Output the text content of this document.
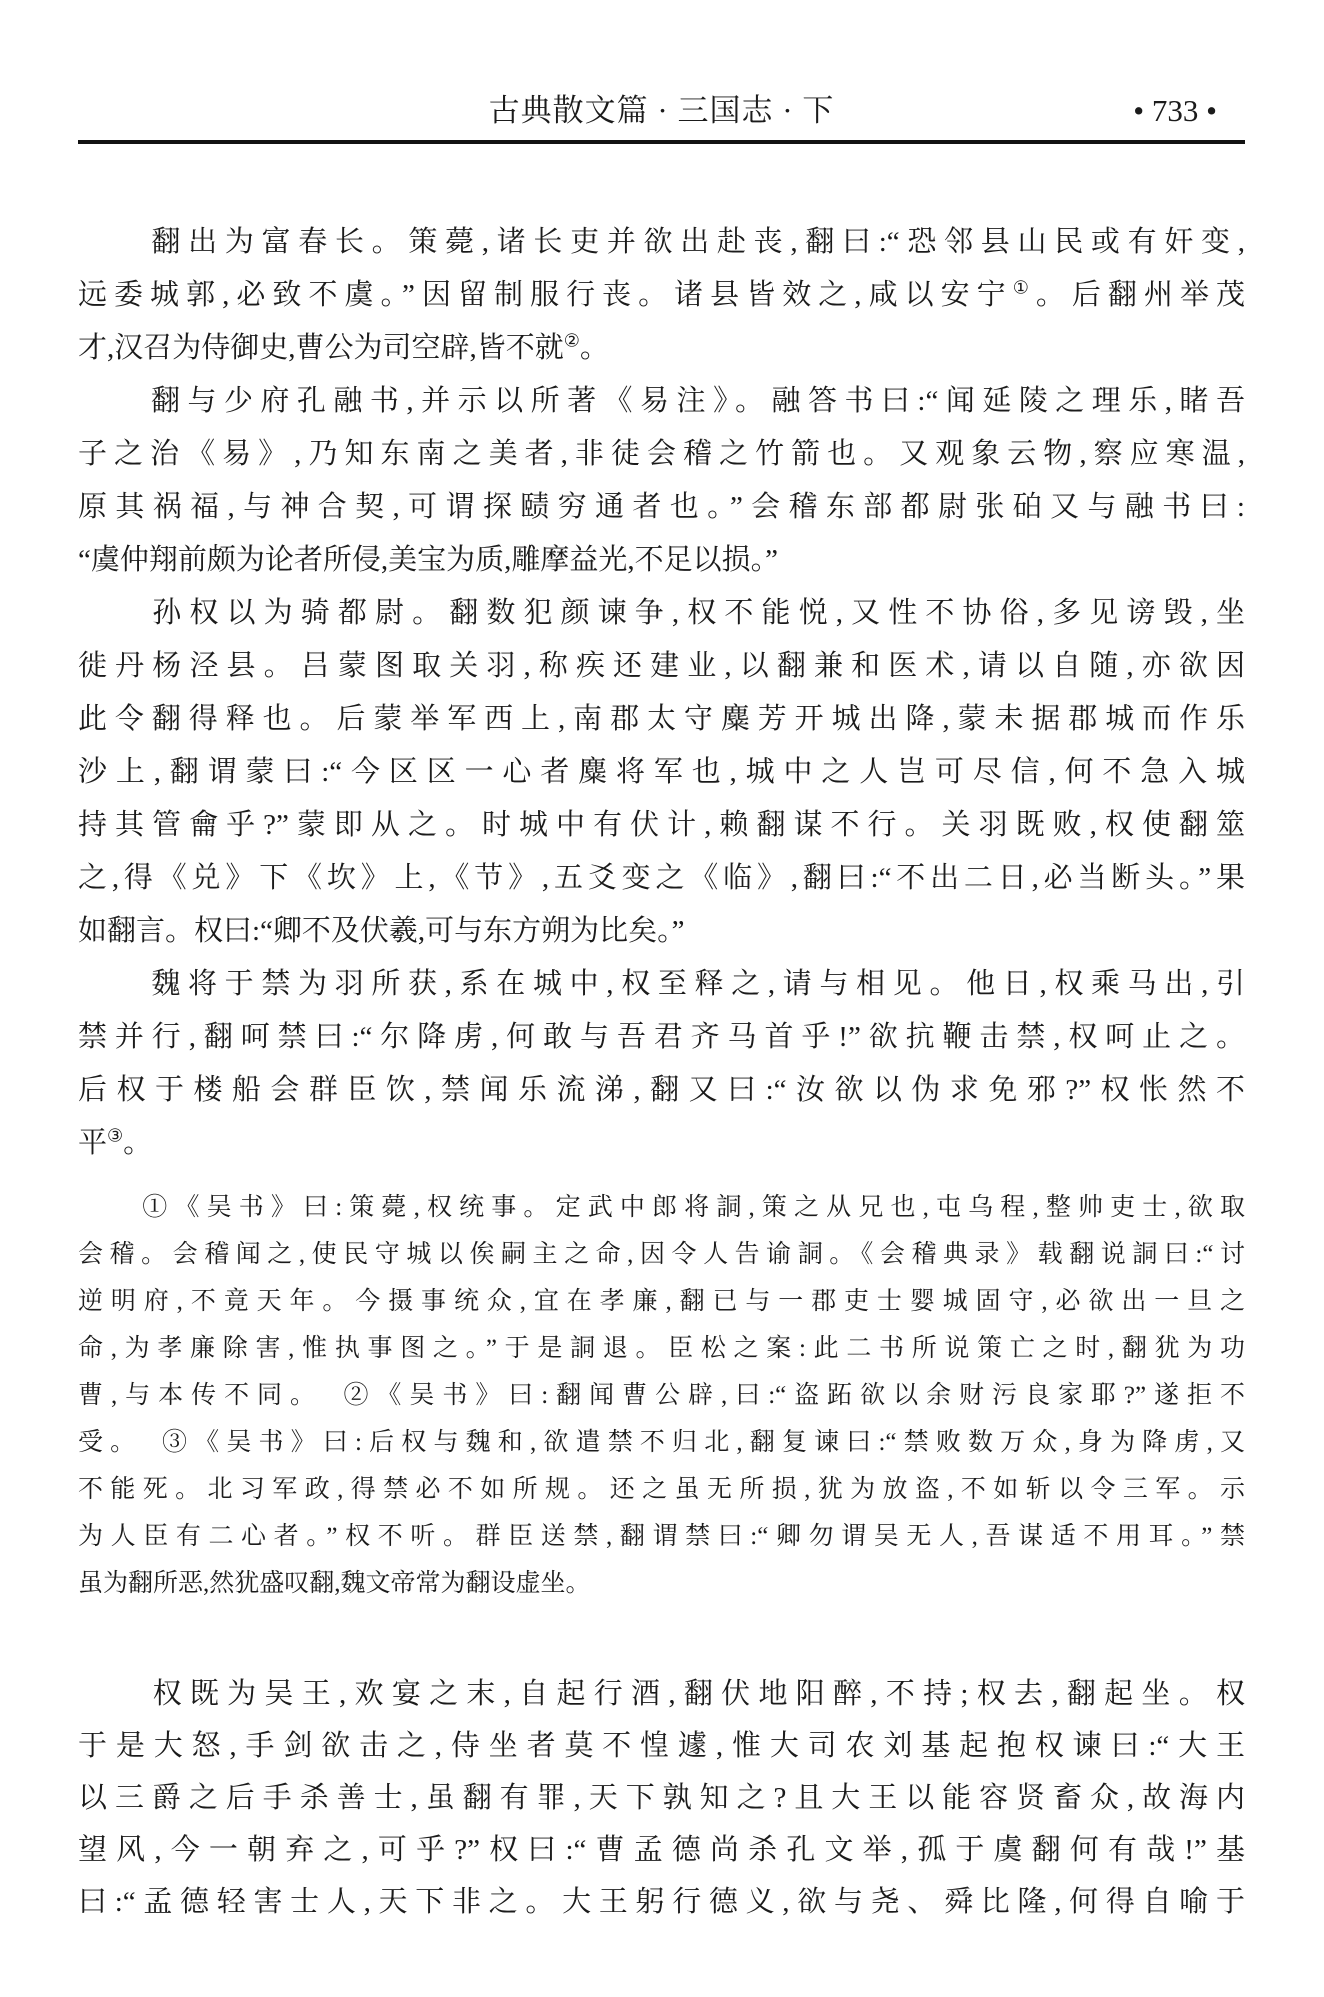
古典散文篇 · 三国志 · 下	• 733 •
　　翻出为富春长。策薨,诸长吏并欲出赴丧,翻曰:“恐邻县山民或有奸变,
远委城郭,必致不虞。”因留制服行丧。诸县皆效之,咸以安宁①。后翻州举茂
才,汉召为侍御史,曹公为司空辟,皆不就②。
　　翻与少府孔融书,并示以所著《易注》。融答书曰:“闻延陵之理乐,睹吾
子之治《易》,乃知东南之美者,非徒会稽之竹箭也。又观象云物,察应寒温,
原其祸福,与神合契,可谓探赜穷通者也。”会稽东部都尉张砶又与融书曰:
“虞仲翔前颇为论者所侵,美宝为质,雕摩益光,不足以损。”
　　孙权以为骑都尉。翻数犯颜谏争,权不能悦,又性不协俗,多见谤毁,坐
徙丹杨泾县。吕蒙图取关羽,称疾还建业,以翻兼和医术,请以自随,亦欲因
此令翻得释也。后蒙举军西上,南郡太守麋芳开城出降,蒙未据郡城而作乐
沙上,翻谓蒙曰:“今区区一心者麋将军也,城中之人岂可尽信,何不急入城
持其管龠乎?”蒙即从之。时城中有伏计,赖翻谋不行。关羽既败,权使翻筮
之,得《兑》下《坎》上,《节》,五爻变之《临》,翻曰:“不出二日,必当断头。”果
如翻言。权曰:“卿不及伏羲,可与东方朔为比矣。”
　　魏将于禁为羽所获,系在城中,权至释之,请与相见。他日,权乘马出,引
禁并行,翻呵禁曰:“尔降虏,何敢与吾君齐马首乎!”欲抗鞭击禁,权呵止之。
后权于楼船会群臣饮,禁闻乐流涕,翻又曰:“汝欲以伪求免邪?”权怅然不
平③。
　　①《吴书》曰:策薨,权统事。定武中郎将詷,策之从兄也,屯乌程,整帅吏士,欲取
会稽。会稽闻之,使民守城以俟嗣主之命,因令人告谕詷。《会稽典录》载翻说詷曰:“讨
逆明府,不竟天年。今摄事统众,宜在孝廉,翻已与一郡吏士婴城固守,必欲出一旦之
命,为孝廉除害,惟执事图之。”于是詷退。臣松之案:此二书所说策亡之时,翻犹为功
曹,与本传不同。　②《吴书》曰:翻闻曹公辟,曰:“盗跖欲以余财污良家耶?”遂拒不
受。　③《吴书》曰:后权与魏和,欲遣禁不归北,翻复谏曰:“禁败数万众,身为降虏,又
不能死。北习军政,得禁必不如所规。还之虽无所损,犹为放盗,不如斩以令三军。示
为人臣有二心者。”权不听。群臣送禁,翻谓禁曰:“卿勿谓吴无人,吾谋适不用耳。”禁
虽为翻所恶,然犹盛叹翻,魏文帝常为翻设虚坐。
　　权既为吴王,欢宴之末,自起行酒,翻伏地阳醉,不持;权去,翻起坐。权
于是大怒,手剑欲击之,侍坐者莫不惶遽,惟大司农刘基起抱权谏曰:“大王
以三爵之后手杀善士,虽翻有罪,天下孰知之?且大王以能容贤畜众,故海内
望风,今一朝弃之,可乎?”权曰:“曹孟德尚杀孔文举,孤于虞翻何有哉!”基
曰:“孟德轻害士人,天下非之。大王躬行德义,欲与尧、舜比隆,何得自喻于
